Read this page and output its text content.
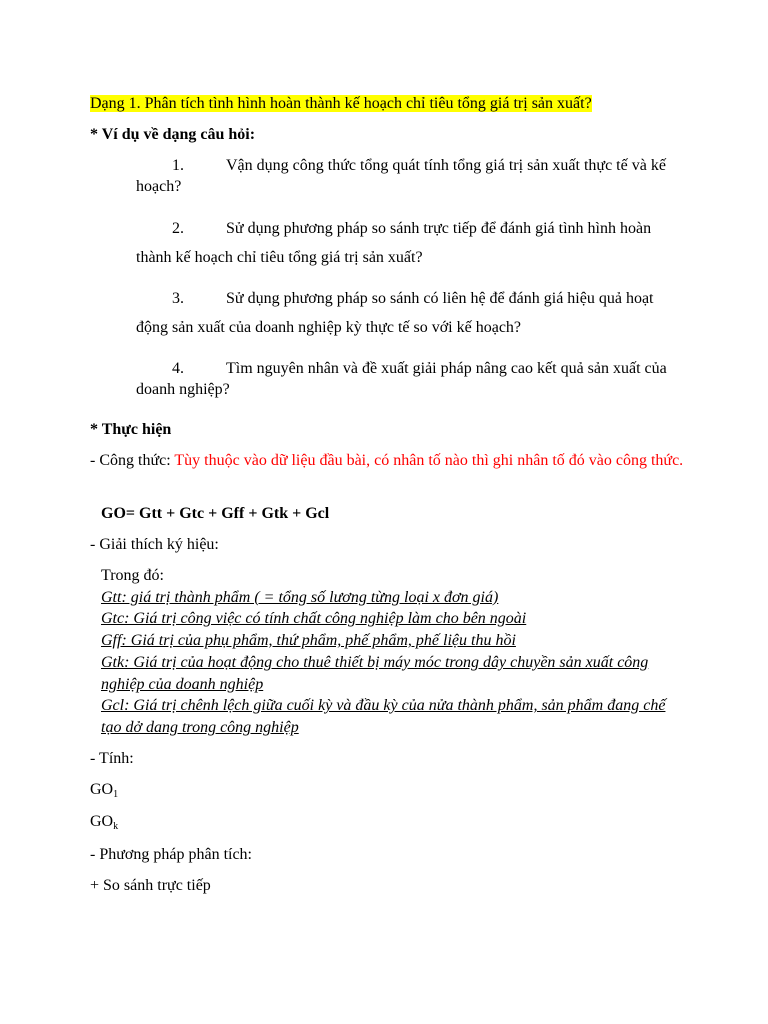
Dạng 1. Phân tích tình hình hoàn thành kế hoạch chỉ tiêu tổng giá trị sản xuất?

* Ví dụ về dạng câu hỏi:

1.	Vận dụng công thức tổng quát tính tổng giá trị sản xuất thực tế và kế hoạch?

2.	Sử dụng phương pháp so sánh trực tiếp để đánh giá tình hình hoàn thành kế hoạch chỉ tiêu tổng giá trị sản xuất?

3.	Sử dụng phương pháp so sánh có liên hệ để đánh giá hiệu quả hoạt động sản xuất của doanh nghiệp kỳ thực tế so với kế hoạch?

4.	Tìm nguyên nhân và đề xuất giải pháp nâng cao kết quả sản xuất của doanh nghiệp?

* Thực hiện

- Công thức: Tùy thuộc vào dữ liệu đầu bài, có nhân tố nào thì ghi nhân tố đó vào công thức.

GO= Gtt + Gtc + Gff + Gtk + Gcl

- Giải thích ký hiệu:

Trong đó:

Gtt: giá trị thành phẩm ( = tổng số lương từng loại x đơn giá)

Gtc: Giá trị công việc có tính chất công nghiệp làm cho bên ngoài

Gff: Giá trị của phụ phẩm, thứ phẩm, phế phẩm, phế liệu thu hồi

Gtk: Giá trị của hoạt động cho thuê thiết bị máy móc trong dây chuyền sản xuất công nghiệp của doanh nghiệp

Gcl: Giá trị chênh lệch giữa cuối kỳ và đầu kỳ của nửa thành phẩm, sản phẩm đang chế tạo dở dang trong công nghiệp

- Tính:

$GO_1$

$GO_k$

- Phương pháp phân tích:

+ So sánh trực tiếp
